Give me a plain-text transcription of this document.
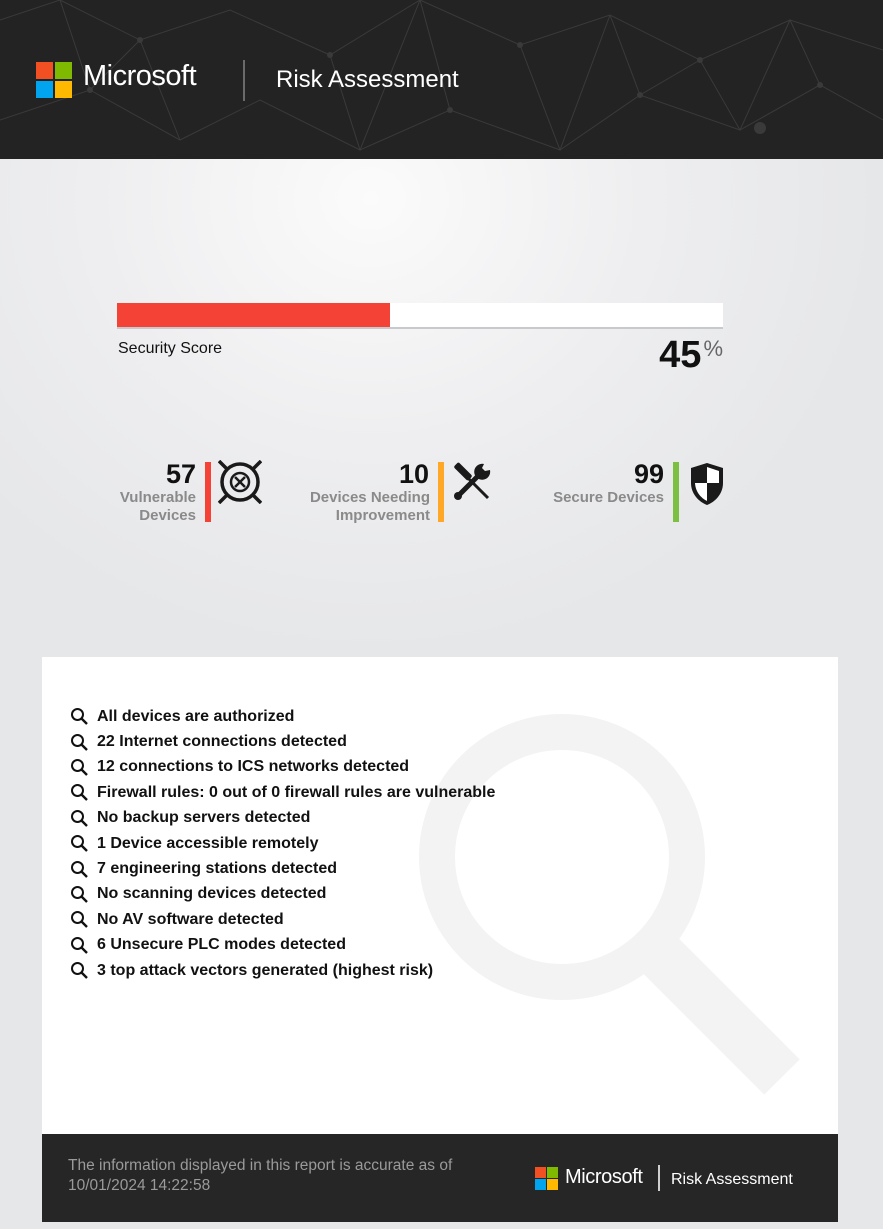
Microsoft	Risk Assessment
Security Score	45%
57
Vulnerable
Devices
10
Devices Needing
Improvement
99
Secure Devices
All devices are authorized
22 Internet connections detected
12 connections to ICS networks detected
Firewall rules: 0 out of 0 firewall rules are vulnerable
No backup servers detected
1 Device accessible remotely
7 engineering stations detected
No scanning devices detected
No AV software detected
6 Unsecure PLC modes detected
3 top attack vectors generated (highest risk)
The information displayed in this report is accurate as of
10/01/2024 14:22:58	Microsoft Risk Assessment
